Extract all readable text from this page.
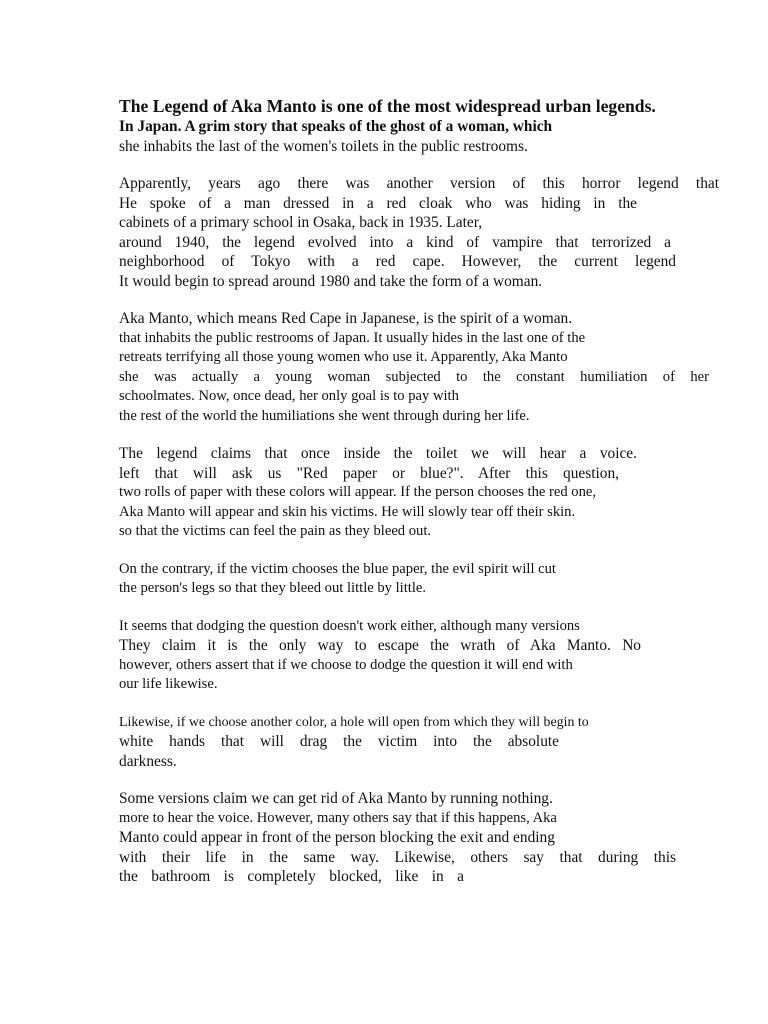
The Legend of Aka Manto is one of the most widespread urban legends.
In Japan. A grim story that speaks of the ghost of a woman, which
she inhabits the last of the women's toilets in the public restrooms.
Apparently, years ago there was another version of this horror legend that
He spoke of a man dressed in a red cloak who was hiding in the
cabinets of a primary school in Osaka, back in 1935. Later,
around 1940, the legend evolved into a kind of vampire that terrorized a
neighborhood of Tokyo with a red cape. However, the current legend
It would begin to spread around 1980 and take the form of a woman.
Aka Manto, which means Red Cape in Japanese, is the spirit of a woman.
that inhabits the public restrooms of Japan. It usually hides in the last one of the
retreats terrifying all those young women who use it. Apparently, Aka Manto
she was actually a young woman subjected to the constant humiliation of her
schoolmates. Now, once dead, her only goal is to pay with
the rest of the world the humiliations she went through during her life.
The legend claims that once inside the toilet we will hear a voice.
left that will ask us "Red paper or blue?". After this question,
two rolls of paper with these colors will appear. If the person chooses the red one,
Aka Manto will appear and skin his victims. He will slowly tear off their skin.
so that the victims can feel the pain as they bleed out.
On the contrary, if the victim chooses the blue paper, the evil spirit will cut
the person's legs so that they bleed out little by little.
It seems that dodging the question doesn't work either, although many versions
They claim it is the only way to escape the wrath of Aka Manto. No
however, others assert that if we choose to dodge the question it will end with
our life likewise.
Likewise, if we choose another color, a hole will open from which they will begin to
white hands that will drag the victim into the absolute
darkness.
Some versions claim we can get rid of Aka Manto by running nothing.
more to hear the voice. However, many others say that if this happens, Aka
Manto could appear in front of the person blocking the exit and ending
with their life in the same way. Likewise, others say that during this
the bathroom is completely blocked, like in a
